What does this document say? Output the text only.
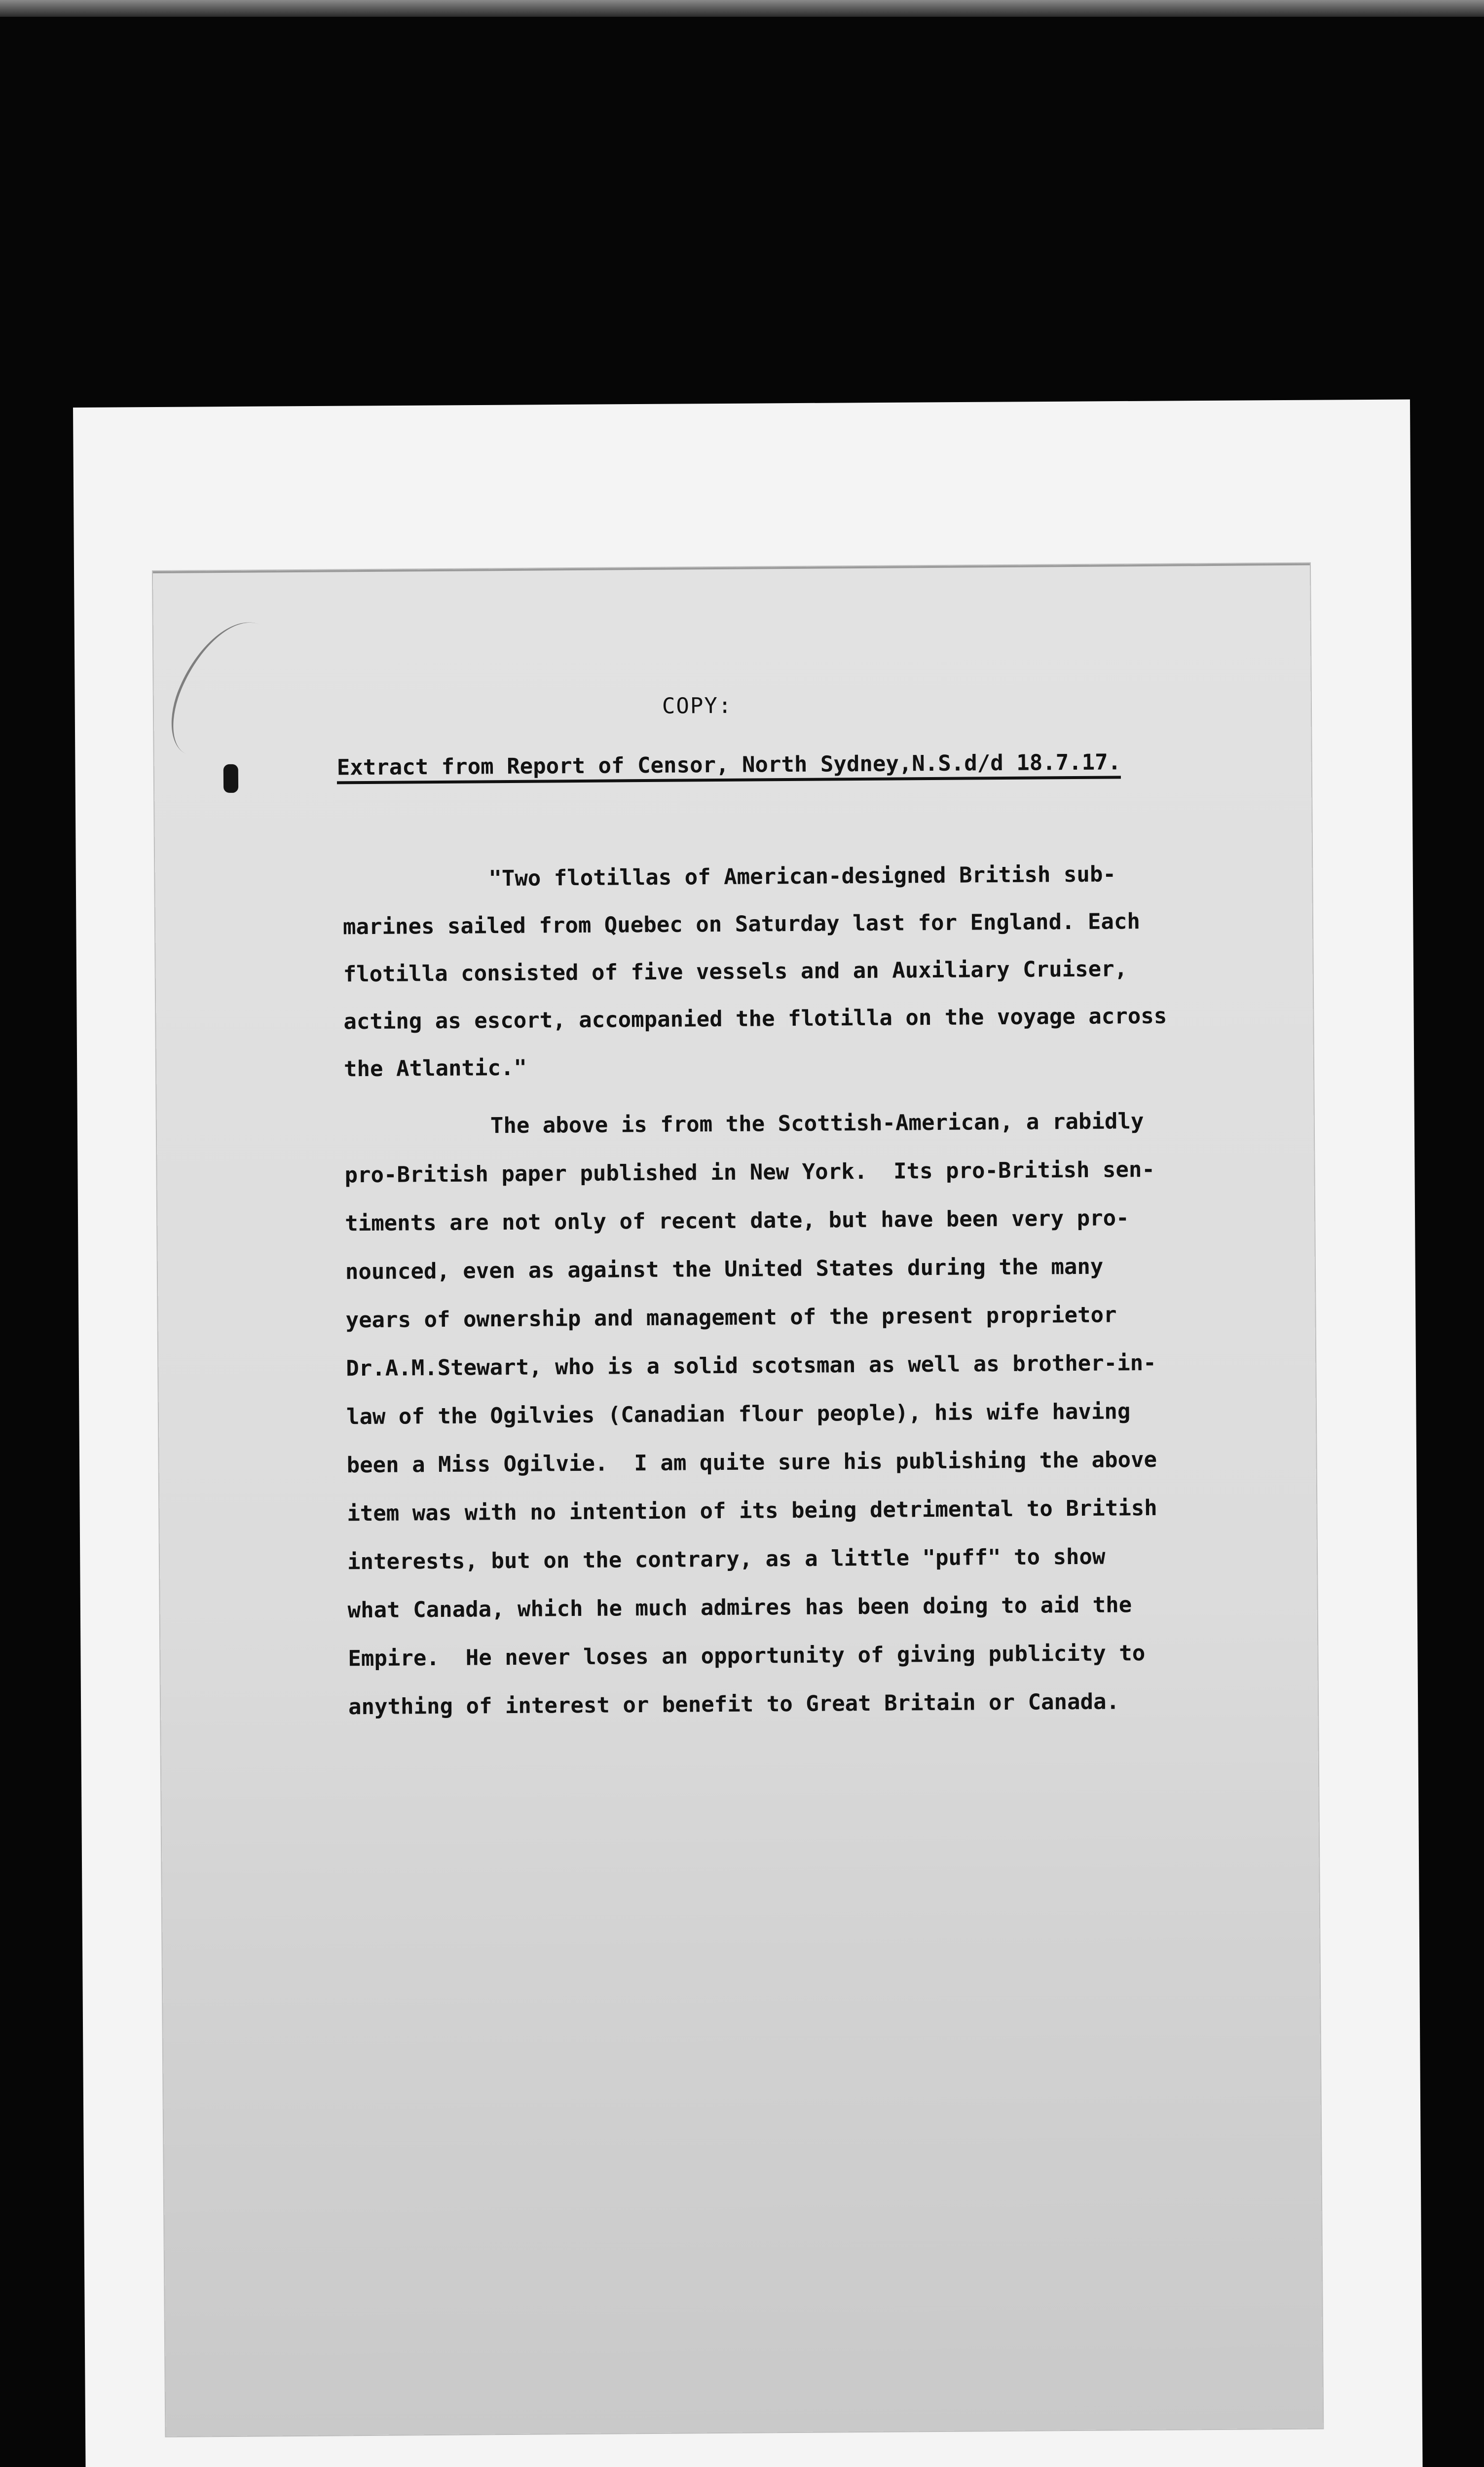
COPY:
Extract from Report of Censor, North Sydney,N.S.d/d 18.7.17.
"Two flotillas of American-designed British sub-
marines sailed from Quebec on Saturday last for England. Each
flotilla consisted of five vessels and an Auxiliary Cruiser,
acting as escort, accompanied the flotilla on the voyage across
the Atlantic."
The above is from the Scottish-American, a rabidly
pro-British paper published in New York.  Its pro-British sen-
timents are not only of recent date, but have been very pro-
nounced, even as against the United States during the many
years of ownership and management of the present proprietor
Dr.A.M.Stewart, who is a solid scotsman as well as brother-in-
law of the Ogilvies (Canadian flour people), his wife having
been a Miss Ogilvie.  I am quite sure his publishing the above
item was with no intention of its being detrimental to British
interests, but on the contrary, as a little "puff" to show
what Canada, which he much admires has been doing to aid the
Empire.  He never loses an opportunity of giving publicity to
anything of interest or benefit to Great Britain or Canada.
